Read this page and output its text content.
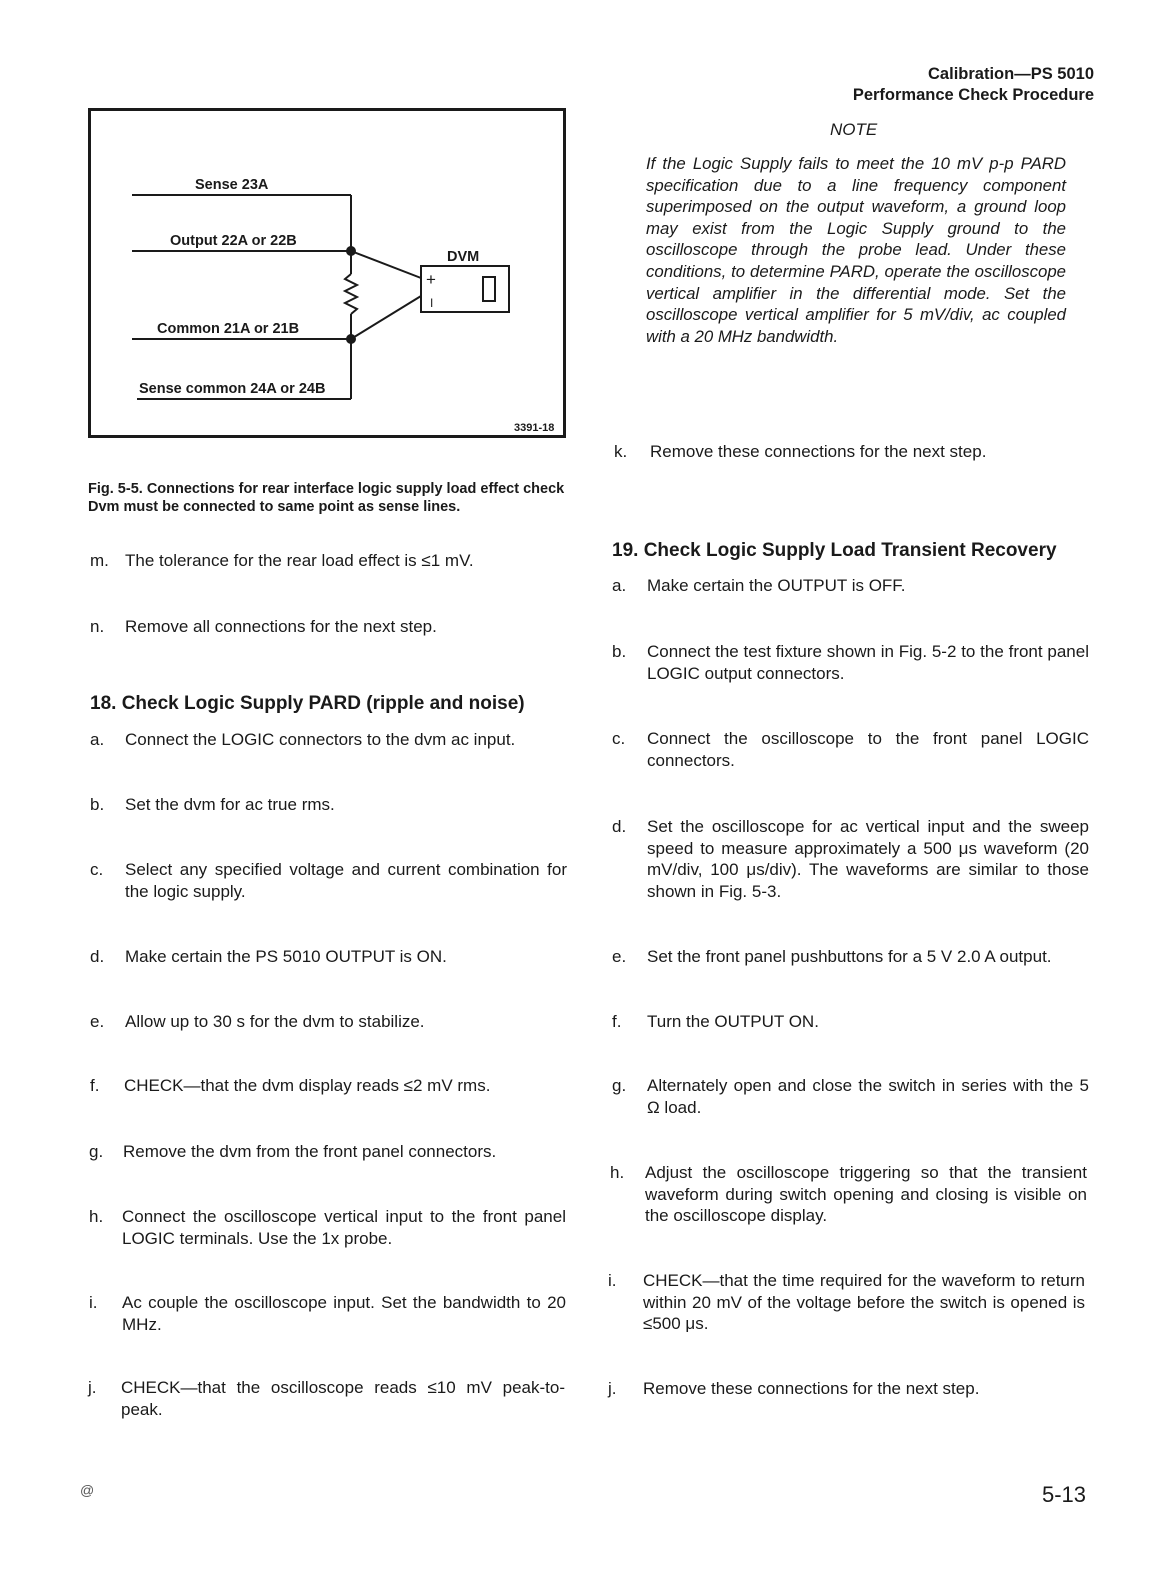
Calibration—PS 5010
Performance Check Procedure
Sense 23A
Output 22A or 22B
DVM
Common 21A or 21B
Sense common 24A or 24B
3391-18
+
I
Fig. 5-5. Connections for rear interface logic supply load effect check Dvm must be connected to same point as sense lines.
NOTE
If the Logic Supply fails to meet the 10 mV p-p PARD specification due to a line frequency component superimposed on the output waveform, a ground loop may exist from the Logic Supply ground to the oscilloscope through the probe lead. Under these conditions, to determine PARD, operate the oscilloscope vertical amplifier in the differential mode. Set the oscilloscope vertical amplifier for 5 mV/div, ac coupled with a 20 MHz bandwidth.
k. Remove these connections for the next step.
m. The tolerance for the rear load effect is ≤1 mV.
n. Remove all connections for the next step.
18. Check Logic Supply PARD (ripple and noise)
a. Connect the LOGIC connectors to the dvm ac input.
b. Set the dvm for ac true rms.
c. Select any specified voltage and current combination for the logic supply.
d. Make certain the PS 5010 OUTPUT is ON.
e. Allow up to 30 s for the dvm to stabilize.
f. CHECK—that the dvm display reads ≤2 mV rms.
g. Remove the dvm from the front panel connectors.
h. Connect the oscilloscope vertical input to the front panel LOGIC terminals. Use the 1x probe.
i. Ac couple the oscilloscope input. Set the bandwidth to 20 MHz.
j. CHECK—that the oscilloscope reads ≤10 mV peak-to-peak.
19. Check Logic Supply Load Transient Recovery
a. Make certain the OUTPUT is OFF.
b. Connect the test fixture shown in Fig. 5-2 to the front panel LOGIC output connectors.
c. Connect the oscilloscope to the front panel LOGIC connectors.
d. Set the oscilloscope for ac vertical input and the sweep speed to measure approximately a 500 μs waveform (20 mV/div, 100 μs/div). The waveforms are similar to those shown in Fig. 5-3.
e. Set the front panel pushbuttons for a 5 V 2.0 A output.
f. Turn the OUTPUT ON.
g. Alternately open and close the switch in series with the 5 Ω load.
h. Adjust the oscilloscope triggering so that the transient waveform during switch opening and closing is visible on the oscilloscope display.
i. CHECK—that the time required for the waveform to return within 20 mV of the voltage before the switch is opened is ≤500 μs.
j. Remove these connections for the next step.
@	5-13
